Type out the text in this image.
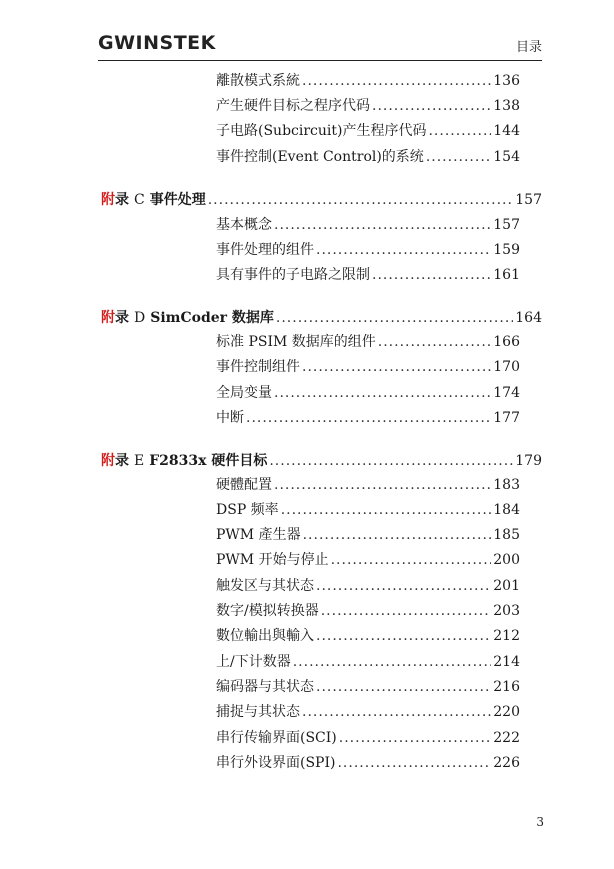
GWINSTEK	目录
離散模式系統 .....	136
产生硬件目标之程序代码 .....	138
子电路(Subcircuit)产生程序代码 .....	144
事件控制(Event Control)的系统 .....	154
附 录 C 事件处理 .....	157
基本概念 .....	157
事件处理的组件 .....	159
具有事件的子电路之限制 .....	161
附 录 D SimCoder 数据库 .....	164
标准 PSIM 数据库的组件 .....	166
事件控制组件 .....	170
全局变量 .....	174
中断 .....	177
附 录 E F2833x 硬件目标 .....	179
硬體配置 .....	183
DSP 频率 .....	184
PWM 產生器 .....	185
PWM 开始与停止 .....	200
触发区与其状态 .....	201
数字/模拟转换器 .....	203
數位輸出與輸入 .....	212
上/下计数器 .....	214
编码器与其状态 .....	216
捕捉与其状态 .....	220
串行传输界面(SCI) .....	222
串行外设界面(SPI) .....	226
3
